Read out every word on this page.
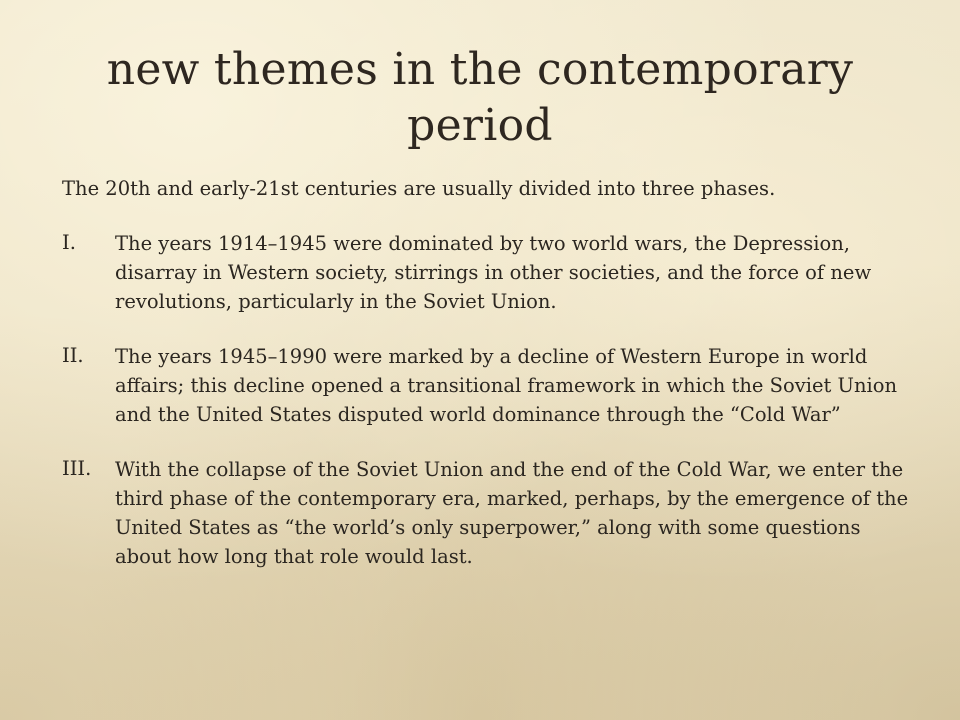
new themes in the contemporary period
The 20th and early-21st centuries are usually divided into three phases.
I.	The years 1914–1945 were dominated by two world wars, the Depression, disarray in Western society, stirrings in other societies, and the force of new revolutions, particularly in the Soviet Union.
II.	The years 1945–1990 were marked by a decline of Western Europe in world affairs; this decline opened a transitional framework in which the Soviet Union and the United States disputed world dominance through the “Cold War”
III.	With the collapse of the Soviet Union and the end of the Cold War, we enter the third phase of the contemporary era, marked, perhaps, by the emergence of the United States as “the world’s only superpower,” along with some questions about how long that role would last.
